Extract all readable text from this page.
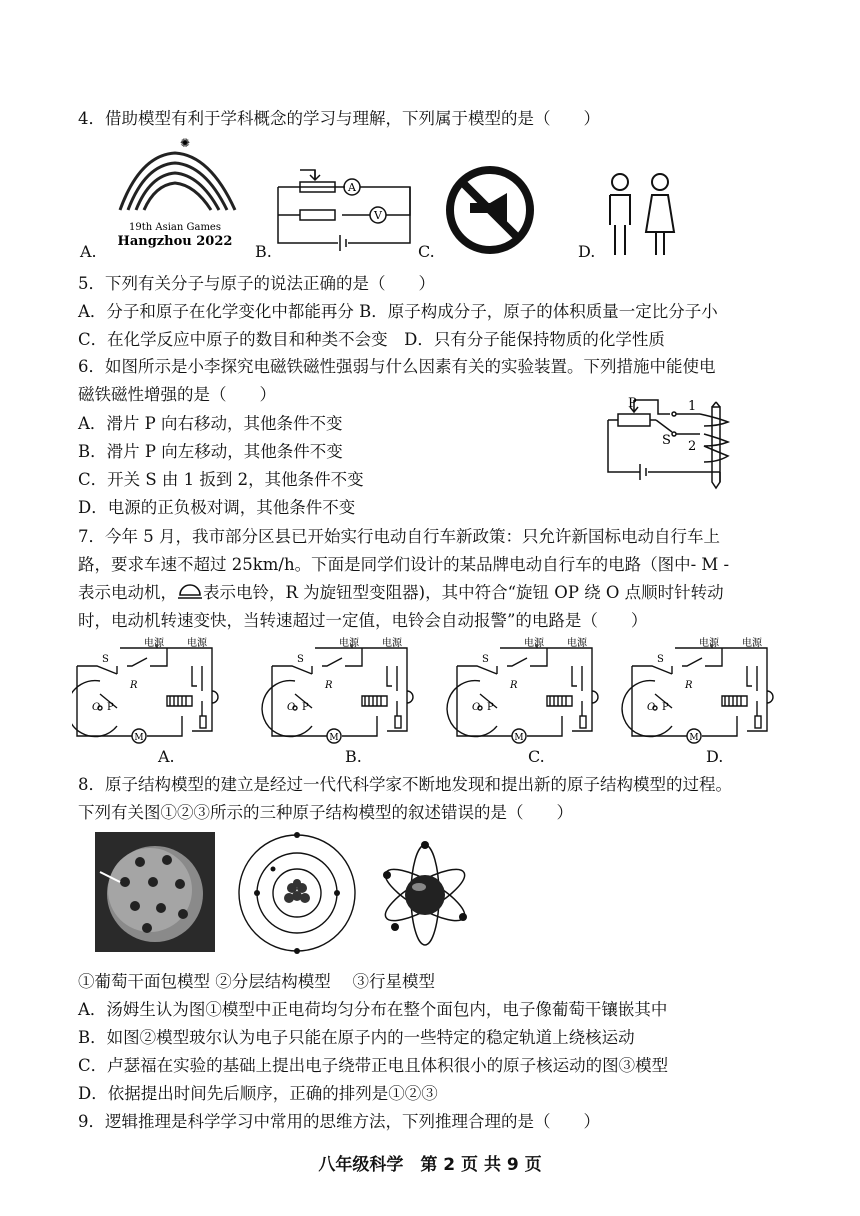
4．借助模型有利于学科概念的学习与理解，下列属于模型的是（　　）
✺
19th Asian Games
Hangzhou 2022
A.
A
V
B.	C.	D.
5．下列有关分子与原子的说法正确的是（　　）
A．分子和原子在化学变化中都能再分 B．原子构成分子，原子的体积质量一定比分子小
C．在化学反应中原子的数目和种类不会变　D．只有分子能保持物质的化学性质
6．如图所示是小李探究电磁铁磁性强弱与什么因素有关的实验装置。下列措施中能使电
磁铁磁性增强的是（　　）
A．滑片 P 向右移动，其他条件不变
B．滑片 P 向左移动，其他条件不变
C．开关 S 由 1 扳到 2，其他条件不变
D．电源的正负极对调，其他条件不变
P
S
1
2
7．今年 5 月，我市部分区县已开始实行电动自行车新政策：只允许新国标电动自行车上
路，要求车速不超过 25km/h。下面是同学们设计的某品牌电动自行车的电路（图中- M -
表示电动机， 表示电铃，R 为旋钮型变阻器)，其中符合“旋钮 OP 绕 O 点顺时针转动
时，电动机转速变快，当转速超过一定值，电铃会自动报警”的电路是（　　）
A.	B.	C.	D.
8．原子结构模型的建立是经过一代代科学家不断地发现和提出新的原子结构模型的过程。
下列有关图①②③所示的三种原子结构模型的叙述错误的是（　　）
①葡萄干面包模型 ②分层结构模型　 ③行星模型
A．汤姆生认为图①模型中正电荷均匀分布在整个面包内，电子像葡萄干镶嵌其中
B．如图②模型玻尔认为电子只能在原子内的一些特定的稳定轨道上绕核运动
C．卢瑟福在实验的基础上提出电子绕带正电且体积很小的原子核运动的图③模型
D．依据提出时间先后顺序，正确的排列是①②③
9．逻辑推理是科学学习中常用的思维方法，下列推理合理的是（　　）
八年级科学　第 2 页 共 9 页
